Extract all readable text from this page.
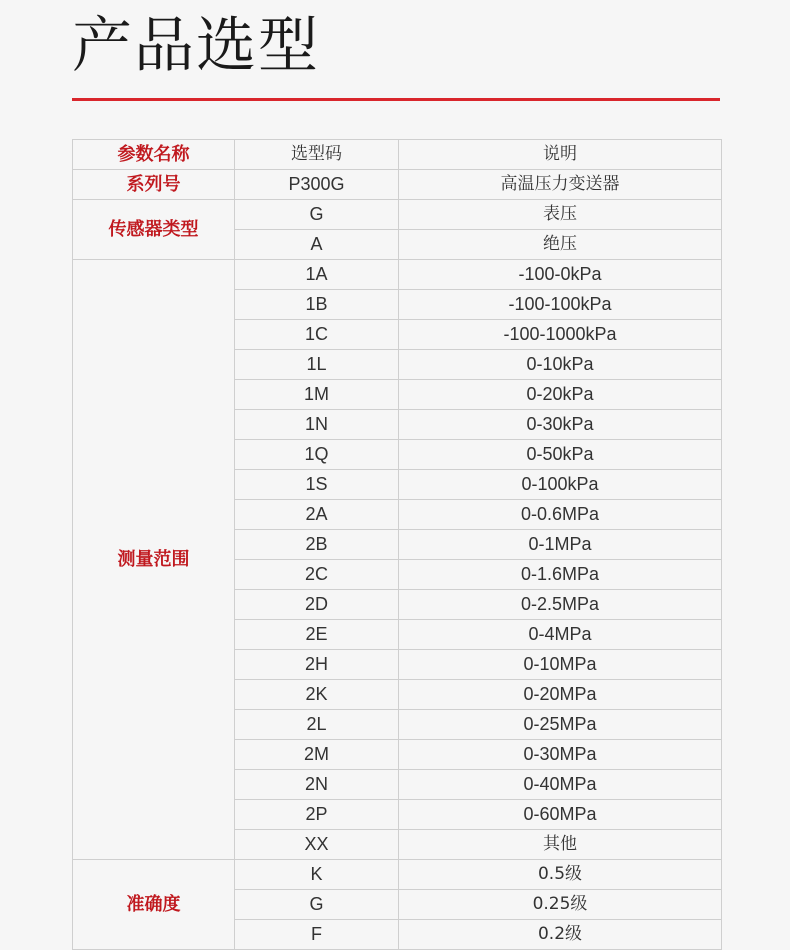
产品选型
参数名称	选型码	说明
系列号	P300G	高温压力变送器
传感器类型	G	表压
	A	绝压
测量范围	1A	-100-0kPa
	1B	-100-100kPa
	1C	-100-1000kPa
	1L	0-10kPa
	1M	0-20kPa
	1N	0-30kPa
	1Q	0-50kPa
	1S	0-100kPa
	2A	0-0.6MPa
	2B	0-1MPa
	2C	0-1.6MPa
	2D	0-2.5MPa
	2E	0-4MPa
	2H	0-10MPa
	2K	0-20MPa
	2L	0-25MPa
	2M	0-30MPa
	2N	0-40MPa
	2P	0-60MPa
	XX	其他
准确度	K	0.5级
	G	0.25级
	F	0.2级
